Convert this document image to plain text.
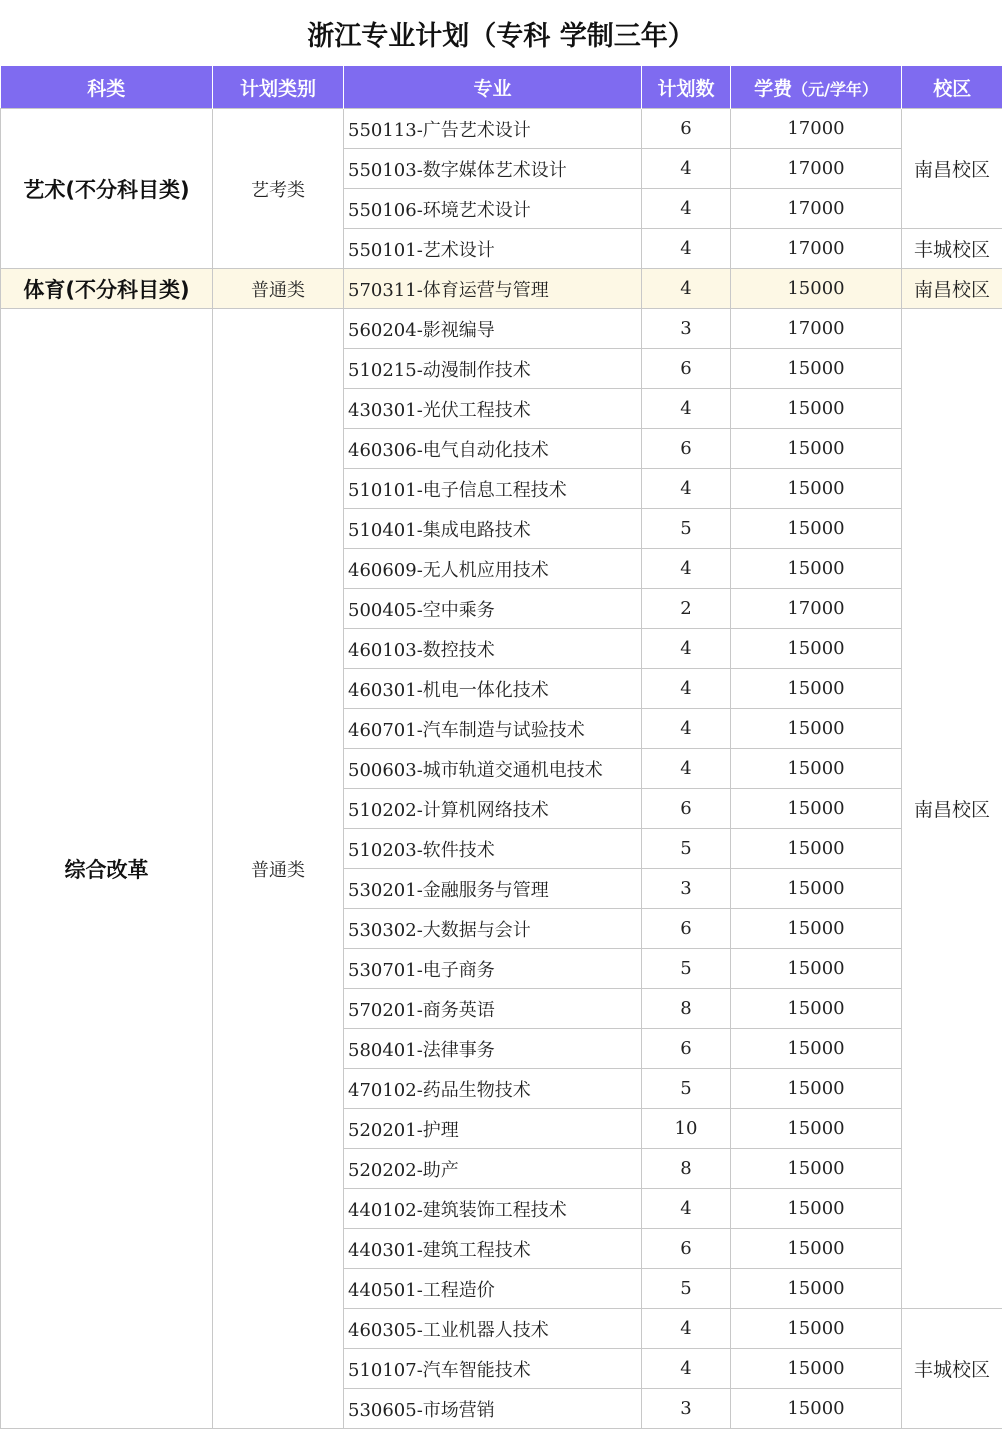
浙江专业计划（专科 学制三年）
科类	计划类别	专业	计划数	学费（元/学年）	校区
艺术(不分科目类)	艺考类	550113-广告艺术设计	6	17000	南昌校区
		550103-数字媒体艺术设计	4	17000	
		550106-环境艺术设计	4	17000	
		550101-艺术设计	4	17000	丰城校区
体育(不分科目类)	普通类	570311-体育运营与管理	4	15000	南昌校区
综合改革	普通类	560204-影视编导	3	17000	南昌校区
		510215-动漫制作技术	6	15000	
		430301-光伏工程技术	4	15000	
		460306-电气自动化技术	6	15000	
		510101-电子信息工程技术	4	15000	
		510401-集成电路技术	5	15000	
		460609-无人机应用技术	4	15000	
		500405-空中乘务	2	17000	
		460103-数控技术	4	15000	
		460301-机电一体化技术	4	15000	
		460701-汽车制造与试验技术	4	15000	
		500603-城市轨道交通机电技术	4	15000	
		510202-计算机网络技术	6	15000	
		510203-软件技术	5	15000	
		530201-金融服务与管理	3	15000	
		530302-大数据与会计	6	15000	
		530701-电子商务	5	15000	
		570201-商务英语	8	15000	
		580401-法律事务	6	15000	
		470102-药品生物技术	5	15000	
		520201-护理	10	15000	
		520202-助产	8	15000	
		440102-建筑装饰工程技术	4	15000	
		440301-建筑工程技术	6	15000	
		440501-工程造价	5	15000	
		460305-工业机器人技术	4	15000	丰城校区
		510107-汽车智能技术	4	15000	
		530605-市场营销	3	15000	
